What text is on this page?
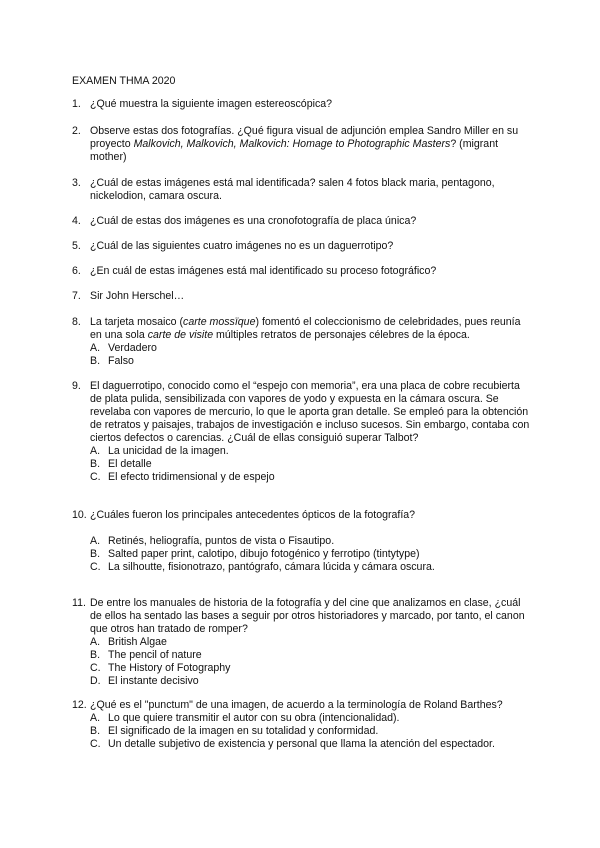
EXAMEN THMA 2020
1. ¿Qué muestra la siguiente imagen estereoscópica?
2. Observe estas dos fotografías. ¿Qué figura visual de adjunción emplea Sandro Miller en su proyecto Malkovich, Malkovich, Malkovich: Homage to Photographic Masters? (migrant mother)
3. ¿Cuál de estas imágenes está mal identificada? salen 4 fotos black maria, pentagono, nickelodion, camara oscura.
4. ¿Cuál de estas dos imágenes es una cronofotografía de placa única?
5. ¿Cuál de las siguientes cuatro imágenes no es un daguerrotipo?
6. ¿En cuál de estas imágenes está mal identificado su proceso fotográfico?
7. Sir John Herschel…
8. La tarjeta mosaico (carte mossïque) fomentó el coleccionismo de celebridades, pues reunía en una sola carte de visite múltiples retratos de personajes célebres de la época.
A. Verdadero
B. Falso
9. El daguerrotipo, conocido como el “espejo con memoria”, era una placa de cobre recubierta de plata pulida, sensibilizada con vapores de yodo y expuesta en la cámara oscura. Se revelaba con vapores de mercurio, lo que le aporta gran detalle. Se empleó para la obtención de retratos y paisajes, trabajos de investigación e incluso sucesos. Sin embargo, contaba con ciertos defectos o carencias. ¿Cuál de ellas consiguió superar Talbot?
A. La unicidad de la imagen.
B. El detalle
C. El efecto tridimensional y de espejo
10. ¿Cuáles fueron los principales antecedentes ópticos de la fotografía?
A. Retinés, heliografía, puntos de vista o Fisautipo.
B. Salted paper print, calotipo, dibujo fotogénico y ferrotipo (tintytype)
C. La silhoutte, fisionotrazo, pantógrafo, cámara lúcida y cámara oscura.
11. De entre los manuales de historia de la fotografía y del cine que analizamos en clase, ¿cuál de ellos ha sentado las bases a seguir por otros historiadores y marcado, por tanto, el canon que otros han tratado de romper?
A. British Algae
B. The pencil of nature
C. The History of Fotography
D. El instante decisivo
12. ¿Qué es el "punctum" de una imagen, de acuerdo a la terminología de Roland Barthes?
A. Lo que quiere transmitir el autor con su obra (intencionalidad).
B. El significado de la imagen en su totalidad y conformidad.
C. Un detalle subjetivo de existencia y personal que llama la atención del espectador.
